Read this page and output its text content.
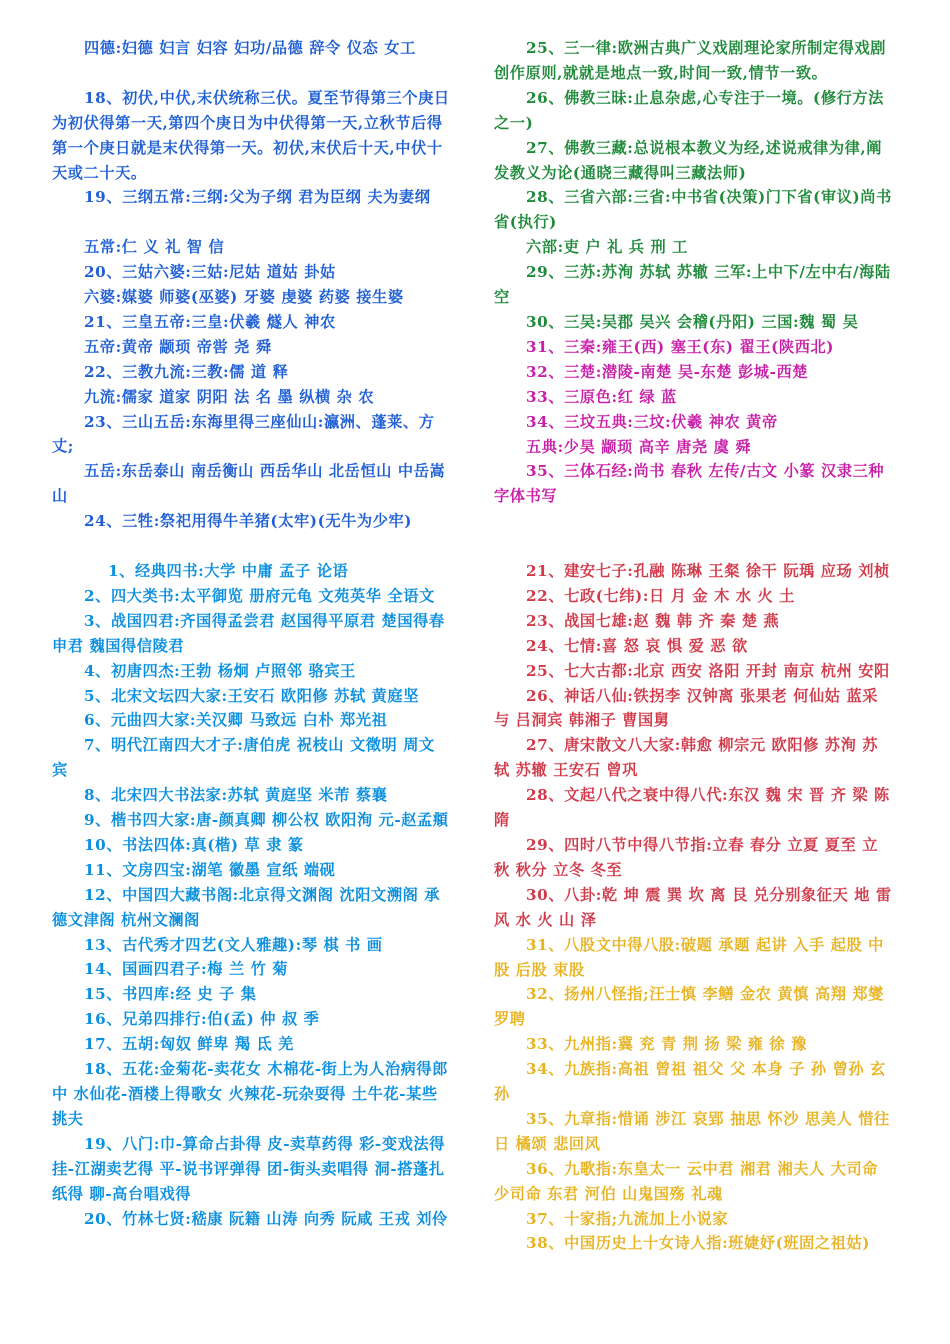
四德:妇德 妇言 妇容 妇功/品德 辞令 仪态 女工

18、初伏,中伏,末伏统称三伏。夏至节得第三个庚日为初伏得第一天,第四个庚日为中伏得第一天,立秋节后得第一个庚日就是末伏得第一天。初伏,末伏后十天,中伏十天或二十天。

19、三纲五常:三纲:父为子纲 君为臣纲 夫为妻纲

五常:仁 义 礼 智 信

20、三姑六婆:三姑:尼姑 道姑 卦姑

六婆:媒婆 师婆(巫婆) 牙婆 虔婆 药婆 接生婆

21、三皇五帝:三皇:伏羲 燧人 神农

五帝:黄帝 颛顼 帝喾 尧 舜

22、三教九流:三教:儒 道 释

九流:儒家 道家 阴阳 法 名 墨 纵横 杂 农

23、三山五岳:东海里得三座仙山:瀛洲、蓬莱、方丈;

五岳:东岳泰山 南岳衡山 西岳华山 北岳恒山 中岳嵩山

24、三牲:祭祀用得牛羊猪(太牢)(无牛为少牢)

1、经典四书:大学 中庸 孟子 论语

2、四大类书:太平御览 册府元龟 文苑英华 全语文

3、战国四君:齐国得孟尝君 赵国得平原君 楚国得春申君 魏国得信陵君

4、初唐四杰:王勃 杨炯 卢照邻 骆宾王

5、北宋文坛四大家:王安石 欧阳修 苏轼 黄庭坚

6、元曲四大家:关汉卿 马致远 白朴 郑光祖

7、明代江南四大才子:唐伯虎 祝枝山 文徵明 周文宾

8、北宋四大书法家:苏轼 黄庭坚 米芾 蔡襄

9、楷书四大家:唐-颜真卿 柳公权 欧阳洵 元-赵孟頫

10、书法四体:真(楷) 草 隶 篆

11、文房四宝:湖笔 徽墨 宣纸 端砚

12、中国四大藏书阁:北京得文渊阁 沈阳文溯阁 承德文津阁 杭州文澜阁

13、古代秀才四艺(文人雅趣):琴 棋 书 画

14、国画四君子:梅 兰 竹 菊

15、书四库:经 史 子 集

16、兄弟四排行:伯(孟) 仲 叔 季

17、五胡:匈奴 鲜卑 羯 氐 羌

18、五花:金菊花-卖花女 木棉花-街上为人治病得郎中 水仙花-酒楼上得歌女 火辣花-玩杂耍得 土牛花-某些挑夫

19、八门:巾-算命占卦得 皮-卖草药得 彩-变戏法得 挂-江湖卖艺得 平-说书评弹得 团-街头卖唱得 洞-搭蓬扎纸得 聊-高台唱戏得

20、竹林七贤:嵇康 阮籍 山涛 向秀 阮咸 王戎 刘伶

25、三一律:欧洲古典广义戏剧理论家所制定得戏剧创作原则,就就是地点一致,时间一致,情节一致。

26、佛教三昧:止息杂虑,心专注于一境。(修行方法之一)

27、佛教三藏:总说根本教义为经,述说戒律为律,阐发教义为论(通晓三藏得叫三藏法师)

28、三省六部:三省:中书省(决策)门下省(审议)尚书省(执行)

六部:吏 户 礼 兵 刑 工

29、三苏:苏洵 苏轼 苏辙 三军:上中下/左中右/海陆空

30、三吴:吴郡 吴兴 会稽(丹阳) 三国:魏 蜀 吴

31、三秦:雍王(西) 塞王(东) 翟王(陕西北)

32、三楚:潜陵-南楚 吴-东楚 彭城-西楚

33、三原色:红 绿 蓝

34、三坟五典:三坟:伏羲 神农 黄帝

五典:少昊 颛顼 高辛 唐尧 虞 舜

35、三体石经:尚书 春秋 左传/古文 小篆 汉隶三种字体书写

21、建安七子:孔融 陈琳 王粲 徐干 阮瑀 应玚 刘桢

22、七政(七纬):日 月 金 木 水 火 土

23、战国七雄:赵 魏 韩 齐 秦 楚 燕

24、七情:喜 怒 哀 惧 爱 恶 欲

25、七大古都:北京 西安 洛阳 开封 南京 杭州 安阳

26、神话八仙:铁拐李 汉钟离 张果老 何仙姑 蓝采与 吕洞宾 韩湘子 曹国舅

27、唐宋散文八大家:韩愈 柳宗元 欧阳修 苏洵 苏轼 苏辙 王安石 曾巩

28、文起八代之衰中得八代:东汉 魏 宋 晋 齐 梁 陈 隋

29、四时八节中得八节指:立春 春分 立夏 夏至 立秋 秋分 立冬 冬至

30、八卦:乾 坤 震 巽 坎 离 艮 兑分别象征天 地 雷 风 水 火 山 泽

31、八股文中得八股:破题 承题 起讲 入手 起股 中股 后股 束股

32、扬州八怪指;汪士慎 李鳝 金农 黄慎 高翔 郑燮 罗聘

33、九州指:冀 兖 青 荆 扬 梁 雍 徐 豫

34、九族指:高祖 曾祖 祖父 父 本身 子 孙 曾孙 玄孙

35、九章指:惜诵 涉江 哀郢 抽思 怀沙 思美人 惜往日 橘颂 悲回风

36、九歌指:东皇太一 云中君 湘君 湘夫人 大司命 少司命 东君 河伯 山鬼国殇 礼魂

37、十家指;九流加上小说家

38、中国历史上十女诗人指:班婕妤(班固之祖姑)
